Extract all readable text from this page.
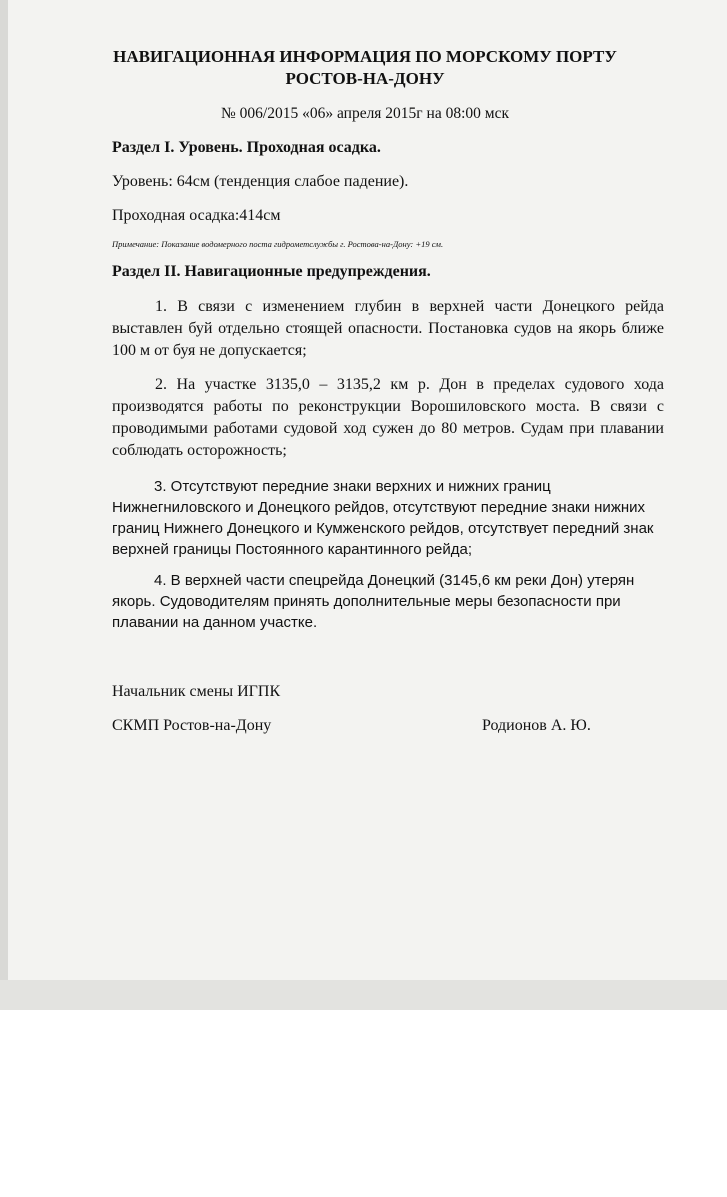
НАВИГАЦИОННАЯ ИНФОРМАЦИЯ ПО МОРСКОМУ ПОРТУ РОСТОВ-НА-ДОНУ

№ 006/2015 «06» апреля 2015г на 08:00 мск

Раздел I. Уровень. Проходная осадка.

Уровень: 64см (тенденция слабое падение).

Проходная осадка:414см

Примечание: Показание водомерного поста гидрометслужбы г. Ростова-на-Дону: +19 см.

Раздел II. Навигационные предупреждения.

1. В связи с изменением глубин в верхней части Донецкого рейда выставлен буй отдельно стоящей опасности. Постановка судов на якорь ближе 100 м от буя не допускается;

2. На участке 3135,0 – 3135,2 км р. Дон в пределах судового хода производятся работы по реконструкции Ворошиловского моста. В связи с проводимыми работами судовой ход сужен до 80 метров. Судам при плавании соблюдать осторожность;

3. Отсутствуют передние знаки верхних и нижних границ Нижнегниловского и Донецкого рейдов, отсутствуют передние знаки нижних границ Нижнего Донецкого и Кумженского рейдов, отсутствует передний знак верхней границы Постоянного карантинного рейда;

4. В верхней части спецрейда Донецкий (3145,6 км реки Дон) утерян якорь. Судоводителям принять дополнительные меры безопасности при плавании на данном участке.

Начальник смены ИГПК

СКМП Ростов-на-Дону	Родионов А. Ю.
